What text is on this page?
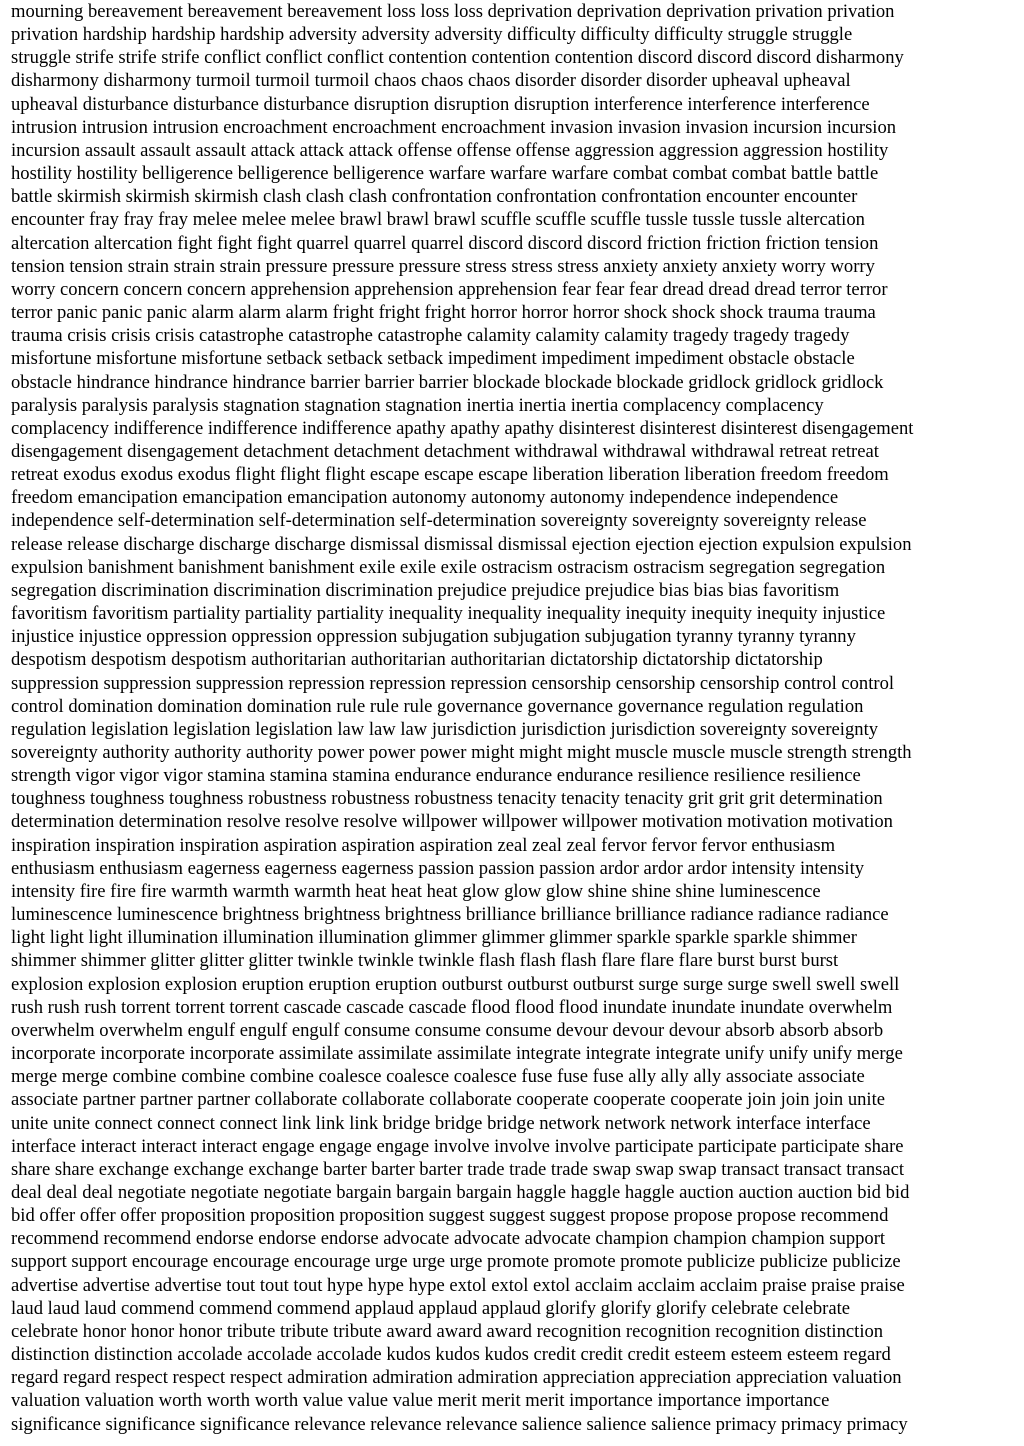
mourning bereavement bereavement bereavement loss loss loss deprivation deprivation deprivation privation privation

privation hardship hardship hardship adversity adversity adversity difficulty difficulty difficulty struggle struggle

struggle strife strife strife conflict conflict conflict contention contention contention discord discord discord disharmony

disharmony disharmony turmoil turmoil turmoil chaos chaos chaos disorder disorder disorder upheaval upheaval

upheaval disturbance disturbance disturbance disruption disruption disruption interference interference interference

intrusion intrusion intrusion encroachment encroachment encroachment invasion invasion invasion incursion incursion

incursion assault assault assault attack attack attack offense offense offense aggression aggression aggression hostility

hostility hostility belligerence belligerence belligerence warfare warfare warfare combat combat combat battle battle

battle skirmish skirmish skirmish clash clash clash confrontation confrontation confrontation encounter encounter

encounter fray fray fray melee melee melee brawl brawl brawl scuffle scuffle scuffle tussle tussle tussle altercation

altercation altercation fight fight fight quarrel quarrel quarrel discord discord discord friction friction friction tension

tension tension strain strain strain pressure pressure pressure stress stress stress anxiety anxiety anxiety worry worry

worry concern concern concern apprehension apprehension apprehension fear fear fear dread dread dread terror terror

terror panic panic panic alarm alarm alarm fright fright fright horror horror horror shock shock shock trauma trauma

trauma crisis crisis crisis catastrophe catastrophe catastrophe calamity calamity calamity tragedy tragedy tragedy

misfortune misfortune misfortune setback setback setback impediment impediment impediment obstacle obstacle

obstacle hindrance hindrance hindrance barrier barrier barrier blockade blockade blockade gridlock gridlock gridlock

paralysis paralysis paralysis stagnation stagnation stagnation inertia inertia inertia complacency complacency

complacency indifference indifference indifference apathy apathy apathy disinterest disinterest disinterest disengagement

disengagement disengagement detachment detachment detachment withdrawal withdrawal withdrawal retreat retreat

retreat exodus exodus exodus flight flight flight escape escape escape liberation liberation liberation freedom freedom

freedom emancipation emancipation emancipation autonomy autonomy autonomy independence independence

independence self-determination self-determination self-determination sovereignty sovereignty sovereignty release

release release discharge discharge discharge dismissal dismissal dismissal ejection ejection ejection expulsion expulsion

expulsion banishment banishment banishment exile exile exile ostracism ostracism ostracism segregation segregation

segregation discrimination discrimination discrimination prejudice prejudice prejudice bias bias bias favoritism

favoritism favoritism partiality partiality partiality inequality inequality inequality inequity inequity inequity injustice

injustice injustice oppression oppression oppression subjugation subjugation subjugation tyranny tyranny tyranny

despotism despotism despotism authoritarian authoritarian authoritarian dictatorship dictatorship dictatorship

suppression suppression suppression repression repression repression censorship censorship censorship control control

control domination domination domination rule rule rule governance governance governance regulation regulation

regulation legislation legislation legislation law law law jurisdiction jurisdiction jurisdiction sovereignty sovereignty

sovereignty authority authority authority power power power might might might muscle muscle muscle strength strength

strength vigor vigor vigor stamina stamina stamina endurance endurance endurance resilience resilience resilience

toughness toughness toughness robustness robustness robustness tenacity tenacity tenacity grit grit grit determination

determination determination resolve resolve resolve willpower willpower willpower motivation motivation motivation

inspiration inspiration inspiration aspiration aspiration aspiration zeal zeal zeal fervor fervor fervor enthusiasm

enthusiasm enthusiasm eagerness eagerness eagerness passion passion passion ardor ardor ardor intensity intensity

intensity fire fire fire warmth warmth warmth heat heat heat glow glow glow shine shine shine luminescence

luminescence luminescence brightness brightness brightness brilliance brilliance brilliance radiance radiance radiance

light light light illumination illumination illumination glimmer glimmer glimmer sparkle sparkle sparkle shimmer

shimmer shimmer glitter glitter glitter twinkle twinkle twinkle flash flash flash flare flare flare burst burst burst

explosion explosion explosion eruption eruption eruption outburst outburst outburst surge surge surge swell swell swell

rush rush rush torrent torrent torrent cascade cascade cascade flood flood flood inundate inundate inundate overwhelm

overwhelm overwhelm engulf engulf engulf consume consume consume devour devour devour absorb absorb absorb

incorporate incorporate incorporate assimilate assimilate assimilate integrate integrate integrate unify unify unify merge

merge merge combine combine combine coalesce coalesce coalesce fuse fuse fuse ally ally ally associate associate

associate partner partner partner collaborate collaborate collaborate cooperate cooperate cooperate join join join unite

unite unite connect connect connect link link link bridge bridge bridge network network network interface interface

interface interact interact interact engage engage engage involve involve involve participate participate participate share

share share exchange exchange exchange barter barter barter trade trade trade swap swap swap transact transact transact

deal deal deal negotiate negotiate negotiate bargain bargain bargain haggle haggle haggle auction auction auction bid bid

bid offer offer offer proposition proposition proposition suggest suggest suggest propose propose propose recommend

recommend recommend endorse endorse endorse advocate advocate advocate champion champion champion support

support support encourage encourage encourage urge urge urge promote promote promote publicize publicize publicize

advertise advertise advertise tout tout tout hype hype hype extol extol extol acclaim acclaim acclaim praise praise praise

laud laud laud commend commend commend applaud applaud applaud glorify glorify glorify celebrate celebrate

celebrate honor honor honor tribute tribute tribute award award award recognition recognition recognition distinction

distinction distinction accolade accolade accolade kudos kudos kudos credit credit credit esteem esteem esteem regard

regard regard respect respect respect admiration admiration admiration appreciation appreciation appreciation valuation

valuation valuation worth worth worth value value value merit merit merit importance importance importance

significance significance significance relevance relevance relevance salience salience salience primacy primacy primacy
